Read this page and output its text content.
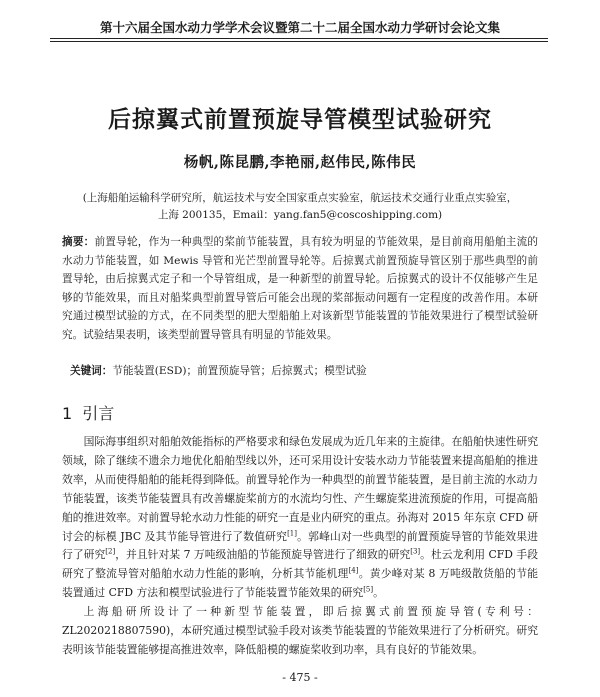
第十六届全国水动力学学术会议暨第二十二届全国水动力学研讨会论文集
后掠翼式前置预旋导管模型试验研究
杨帆,陈昆鹏,李艳丽,赵伟民,陈伟民
(上海船舶运输科学研究所，航运技术与安全国家重点实验室，航运技术交通行业重点实验室，
上海 200135，Email：yang.fan5@coscoshipping.com)
摘要：前置导轮，作为一种典型的桨前节能装置，具有较为明显的节能效果，是目前商用船舶主流的水动力节能装置，如 Mewis 导管和光芒型前置导轮等。后掠翼式前置预旋导管区别于那些典型的前置导轮，由后掠翼式定子和一个导管组成，是一种新型的前置导轮。后掠翼式的设计不仅能够产生足够的节能效果，而且对船桨典型前置导管后可能会出现的桨部振动问题有一定程度的改善作用。本研究通过模型试验的方式，在不同类型的肥大型船舶上对该新型节能装置的节能效果进行了模型试验研究。试验结果表明，该类型前置导管具有明显的节能效果。
关键词：节能装置(ESD)；前置预旋导管；后掠翼式；模型试验
1 引言

国际海事组织对船舶效能指标的严格要求和绿色发展成为近几年来的主旋律。在船舶快速性研究领域，除了继续不遗余力地优化船舶型线以外，还可采用设计安装水动力节能装置来提高船舶的推进效率，从而使得船舶的能耗得到降低。前置导轮作为一种典型的前置节能装置，是目前主流的水动力节能装置，该类节能装置具有改善螺旋桨前方的水流均匀性、产生螺旋桨进流预旋的作用，可提高船舶的推进效率。对前置导轮水动力性能的研究一直是业内研究的重点。孙海对 2015 年东京 CFD 研讨会的标模 JBC 及其节能导管进行了数值研究[1]。郭峰山对一些典型的前置预旋导管的节能效果进行了研究[2]，并且针对某 7 万吨级油船的节能预旋导管进行了细致的研究[3]。杜云龙利用 CFD 手段研究了整流导管对船舶水动力性能的影响，分析其节能机理[4]。黄少峰对某 8 万吨级散货船的节能装置通过 CFD 方法和模型试验进行了节能装置节能效果的研究[5]。

上海船研所设计了一种新型节能装置，即后掠翼式前置预旋导管(专利号：ZL2020218807590)，本研究通过模型试验手段对该类节能装置的节能效果进行了分析研究。研究表明该节能装置能够提高推进效率，降低船模的螺旋桨收到功率，具有良好的节能效果。

- 475 -
